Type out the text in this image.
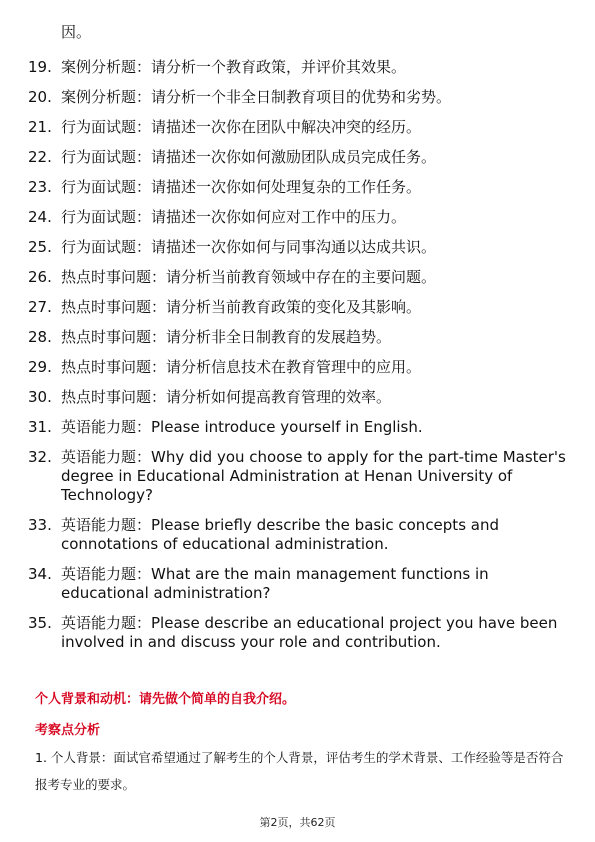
因。
19. 案例分析题：请分析一个教育政策，并评价其效果。
20. 案例分析题：请分析一个非全日制教育项目的优势和劣势。
21. 行为面试题：请描述一次你在团队中解决冲突的经历。
22. 行为面试题：请描述一次你如何激励团队成员完成任务。
23. 行为面试题：请描述一次你如何处理复杂的工作任务。
24. 行为面试题：请描述一次你如何应对工作中的压力。
25. 行为面试题：请描述一次你如何与同事沟通以达成共识。
26. 热点时事问题：请分析当前教育领域中存在的主要问题。
27. 热点时事问题：请分析当前教育政策的变化及其影响。
28. 热点时事问题：请分析非全日制教育的发展趋势。
29. 热点时事问题：请分析信息技术在教育管理中的应用。
30. 热点时事问题：请分析如何提高教育管理的效率。
31. 英语能力题：Please introduce yourself in English.
32. 英语能力题：Why did you choose to apply for the part-time Master's degree in Educational Administration at Henan University of Technology?
33. 英语能力题：Please briefly describe the basic concepts and connotations of educational administration.
34. 英语能力题：What are the main management functions in educational administration?
35. 英语能力题：Please describe an educational project you have been involved in and discuss your role and contribution.
个人背景和动机：请先做个简单的自我介绍。
考察点分析
1. 个人背景：面试官希望通过了解考生的个人背景，评估考生的学术背景、工作经验等是否符合报考专业的要求。
第2页，共62页
